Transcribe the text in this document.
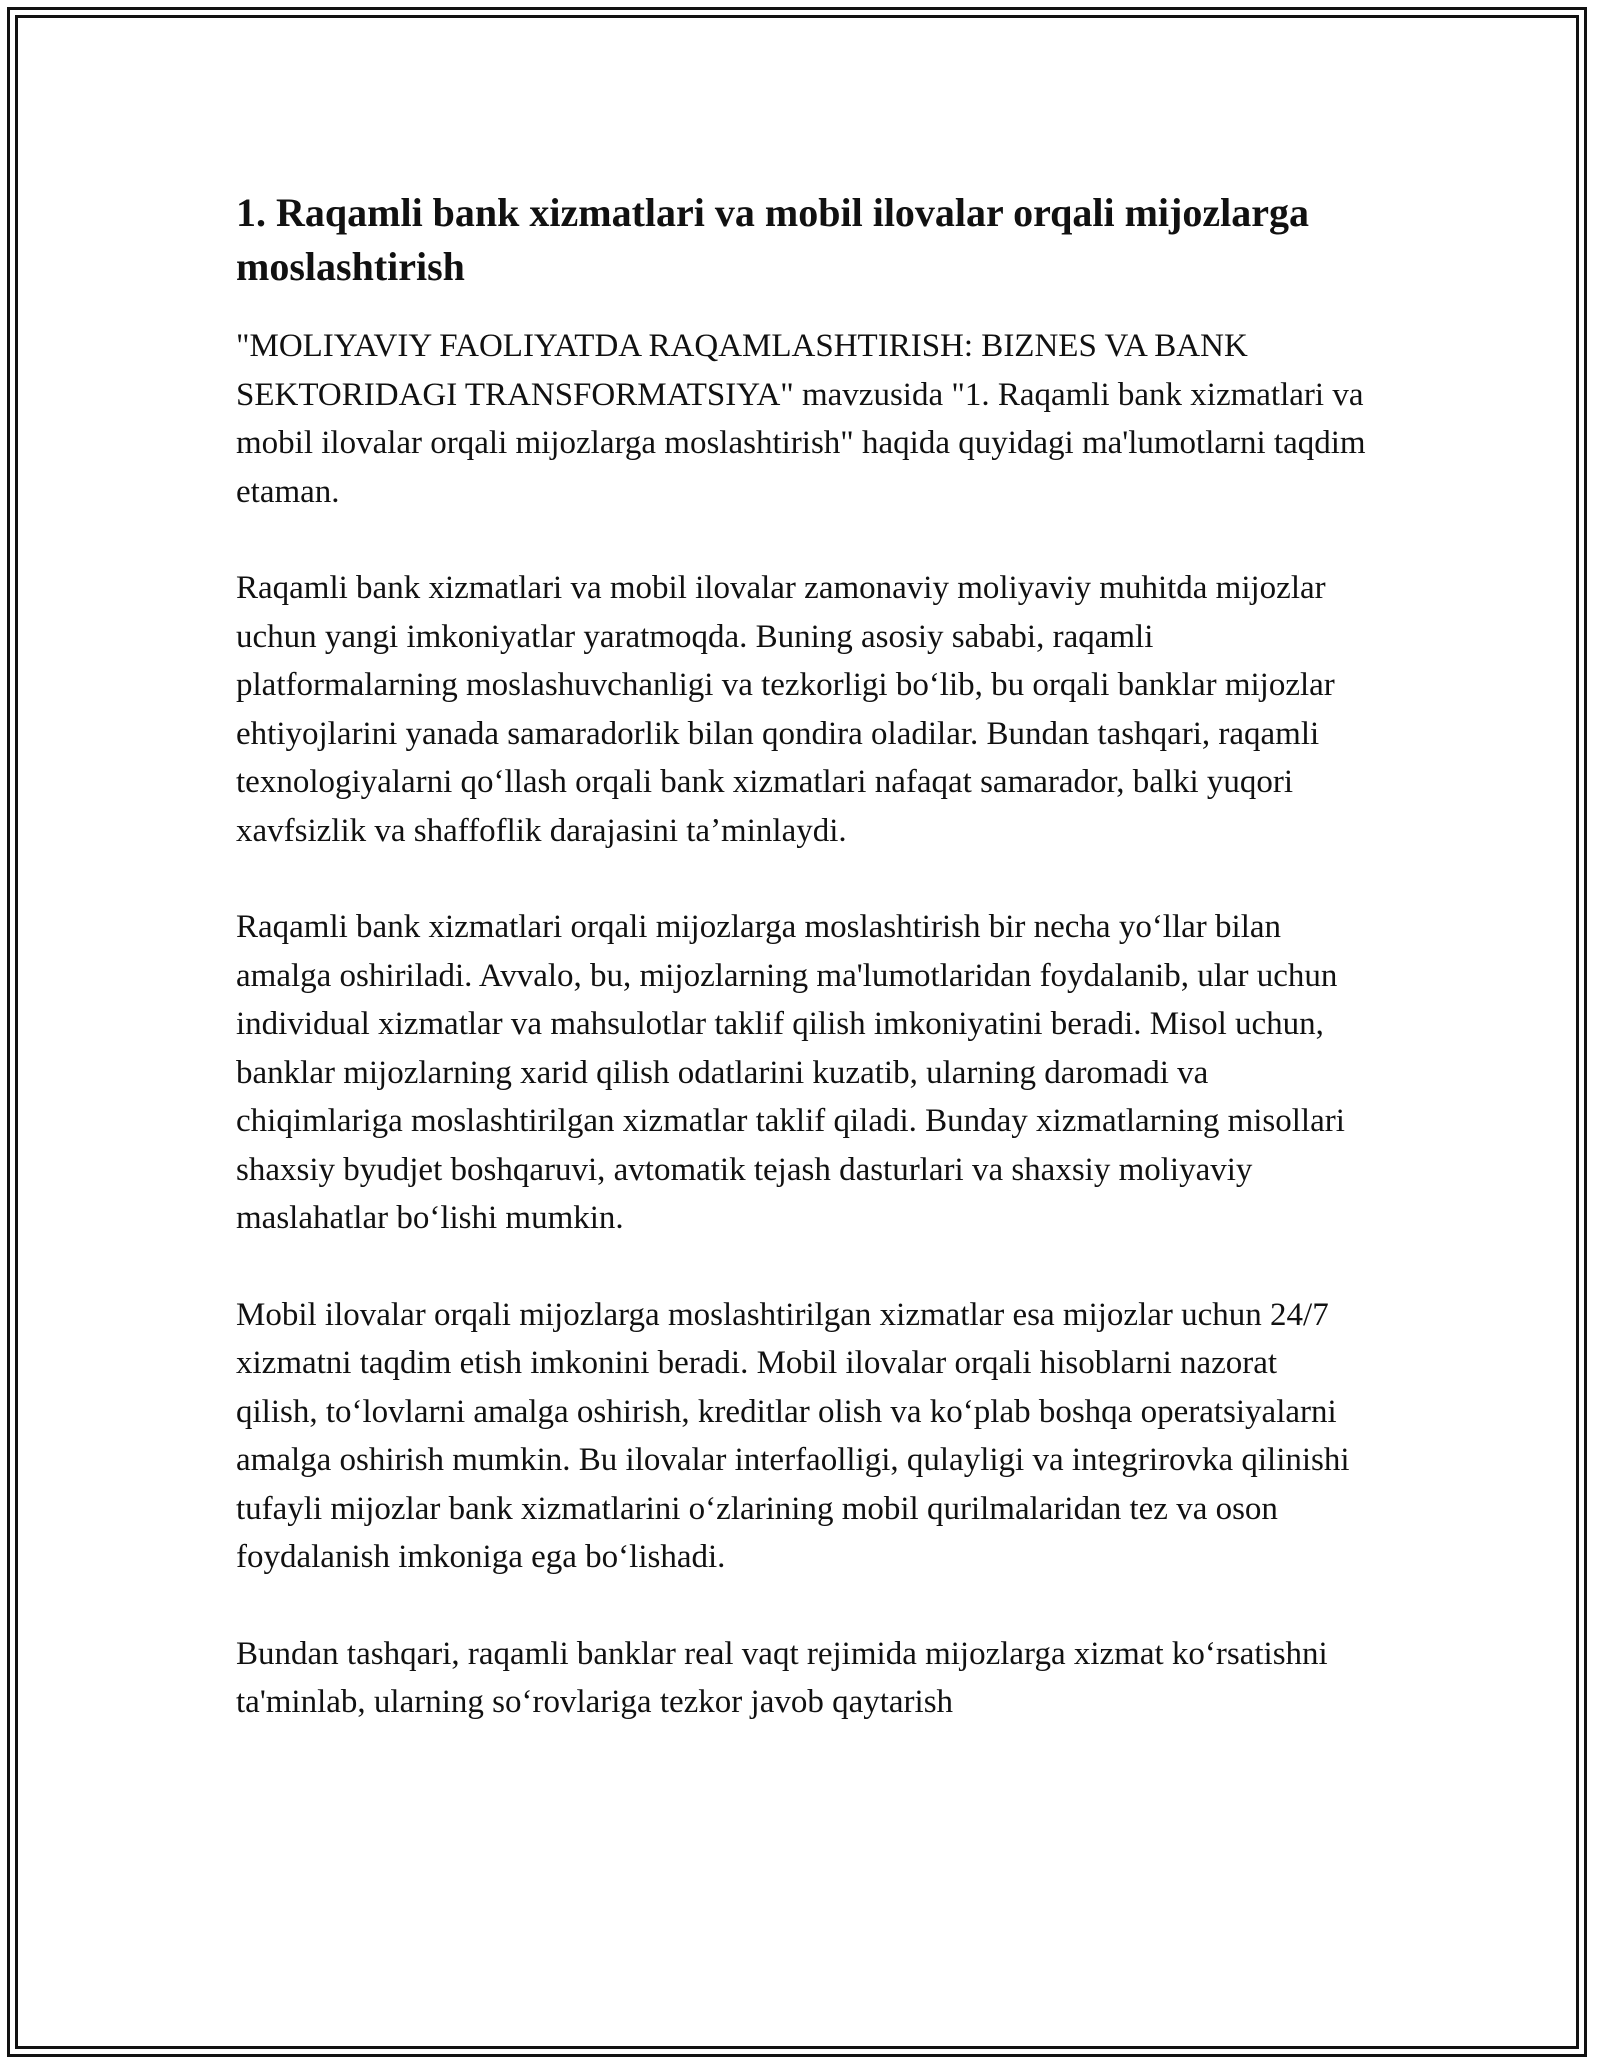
1. Raqamli bank xizmatlari va mobil ilovalar orqali mijozlarga moslashtirish

"MOLIYAVIY FAOLIYATDA RAQAMLASHTIRISH: BIZNES VA BANK SEKTORIDAGI TRANSFORMATSIYA" mavzusida "1. Raqamli bank xizmatlari va mobil ilovalar orqali mijozlarga moslashtirish" haqida quyidagi ma'lumotlarni taqdim etaman.

Raqamli bank xizmatlari va mobil ilovalar zamonaviy moliyaviy muhitda mijozlar uchun yangi imkoniyatlar yaratmoqda. Buning asosiy sababi, raqamli platformalarning moslashuvchanligi va tezkorligi boʻlib, bu orqali banklar mijozlar ehtiyojlarini yanada samaradorlik bilan qondira oladilar. Bundan tashqari, raqamli texnologiyalarni qoʻllash orqali bank xizmatlari nafaqat samarador, balki yuqori xavfsizlik va shaffoflik darajasini taʼminlaydi.

Raqamli bank xizmatlari orqali mijozlarga moslashtirish bir necha yoʻllar bilan amalga oshiriladi. Avvalo, bu, mijozlarning ma'lumotlaridan foydalanib, ular uchun individual xizmatlar va mahsulotlar taklif qilish imkoniyatini beradi. Misol uchun, banklar mijozlarning xarid qilish odatlarini kuzatib, ularning daromadi va chiqimlariga moslashtirilgan xizmatlar taklif qiladi. Bunday xizmatlarning misollari shaxsiy byudjet boshqaruvi, avtomatik tejash dasturlari va shaxsiy moliyaviy maslahatlar boʻlishi mumkin.

Mobil ilovalar orqali mijozlarga moslashtirilgan xizmatlar esa mijozlar uchun 24/7 xizmatni taqdim etish imkonini beradi. Mobil ilovalar orqali hisoblarni nazorat qilish, toʻlovlarni amalga oshirish, kreditlar olish va koʻplab boshqa operatsiyalarni amalga oshirish mumkin. Bu ilovalar interfaolligi, qulayligi va integrirovka qilinishi tufayli mijozlar bank xizmatlarini oʻzlarining mobil qurilmalaridan tez va oson foydalanish imkoniga ega boʻlishadi.

Bundan tashqari, raqamli banklar real vaqt rejimida mijozlarga xizmat koʻrsatishni ta'minlab, ularning soʻrovlariga tezkor javob qaytarish
